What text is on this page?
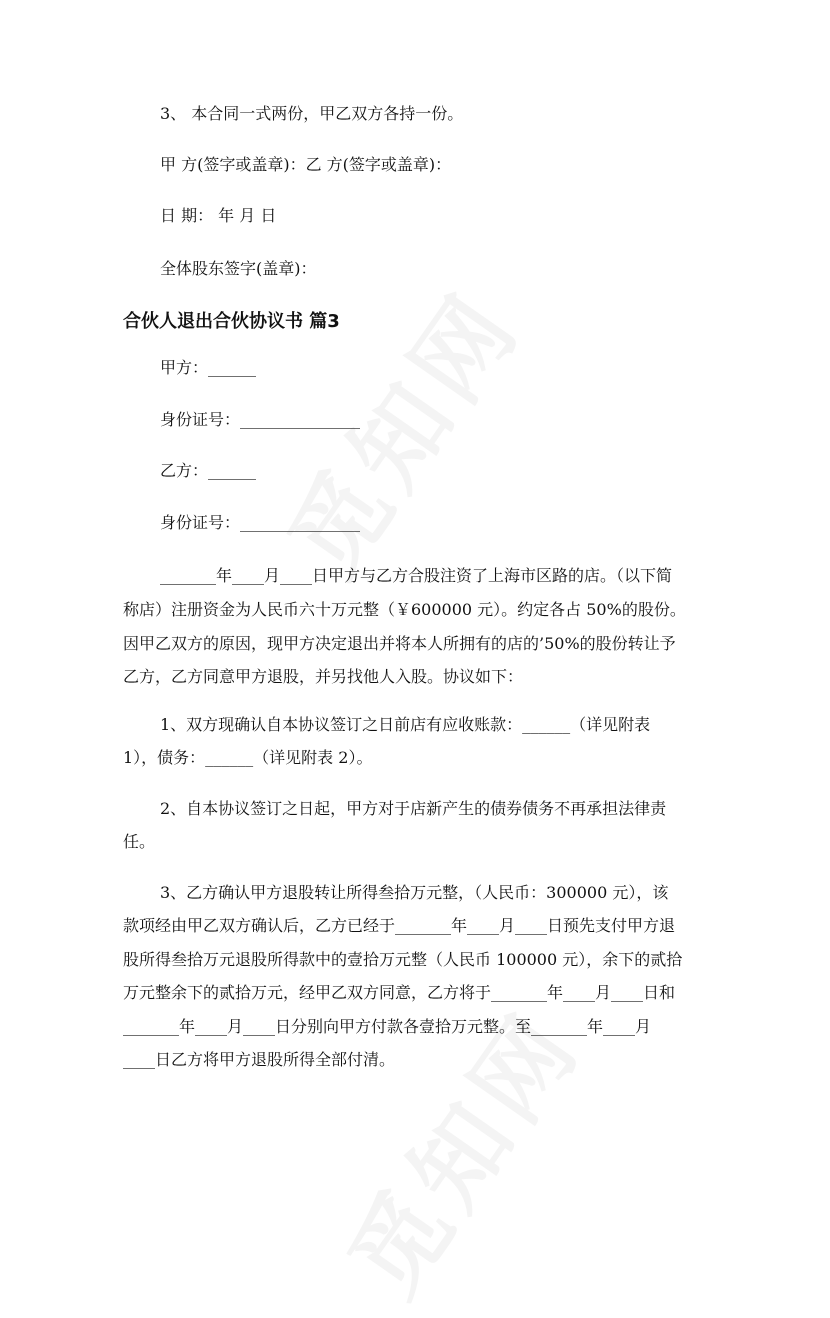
3、 本合同一式两份，甲乙双方各持一份。
甲 方(签字或盖章)：乙 方(签字或盖章)：
日 期： 年 月 日
全体股东签字(盖章)：
合伙人退出合伙协议书 篇3
甲方：______
身份证号：_______________
乙方：______
身份证号：_______________
_______年____月____日甲方与乙方合股注资了上海市区路的店。（以下简
称店）注册资金为人民币六十万元整（￥600000 元）。约定各占 50%的股份。
因甲乙双方的原因，现甲方决定退出并将本人所拥有的店的’50%的股份转让予
乙方，乙方同意甲方退股，并另找他人入股。协议如下：
1、双方现确认自本协议签订之日前店有应收账款：______（详见附表
1），债务：______（详见附表 2）。
2、自本协议签订之日起，甲方对于店新产生的债券债务不再承担法律责
任。
3、乙方确认甲方退股转让所得叁拾万元整，（人民币：300000 元），该
款项经由甲乙双方确认后，乙方已经于_______年____月____日预先支付甲方退
股所得叁拾万元退股所得款中的壹拾万元整（人民币 100000 元），余下的贰拾
万元整余下的贰拾万元，经甲乙双方同意，乙方将于_______年____月____日和
_______年____月____日分别向甲方付款各壹拾万元整。至_______年____月
____日乙方将甲方退股所得全部付清。
